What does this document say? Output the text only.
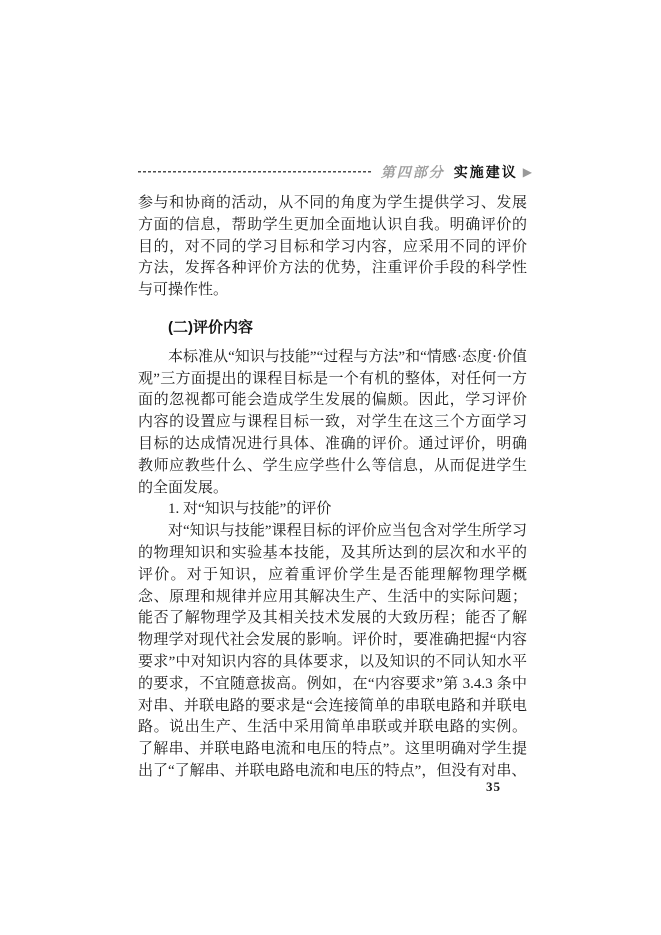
第四部分 实施建议 ▶

参与和协商的活动，从不同的角度为学生提供学习、发展方面的信息，帮助学生更加全面地认识自我。明确评价的目的，对不同的学习目标和学习内容，应采用不同的评价方法，发挥各种评价方法的优势，注重评价手段的科学性与可操作性。

(二)评价内容

本标准从“知识与技能”“过程与方法”和“情感·态度·价值观”三方面提出的课程目标是一个有机的整体，对任何一方面的忽视都可能会造成学生发展的偏颇。因此，学习评价内容的设置应与课程目标一致，对学生在这三个方面学习目标的达成情况进行具体、准确的评价。通过评价，明确教师应教些什么、学生应学些什么等信息，从而促进学生的全面发展。

1. 对“知识与技能”的评价

对“知识与技能”课程目标的评价应当包含对学生所学习的物理知识和实验基本技能，及其所达到的层次和水平的评价。对于知识，应着重评价学生是否能理解物理学概念、原理和规律并应用其解决生产、生活中的实际问题；能否了解物理学及其相关技术发展的大致历程；能否了解物理学对现代社会发展的影响。评价时，要准确把握“内容要求”中对知识内容的具体要求，以及知识的不同认知水平的要求，不宜随意拔高。例如，在“内容要求”第 3.4.3 条中对串、并联电路的要求是“会连接简单的串联电路和并联电路。说出生产、生活中采用简单串联或并联电路的实例。了解串、并联电路电流和电压的特点”。这里明确对学生提出了“了解串、并联电路电流和电压的特点”，但没有对串、

35
